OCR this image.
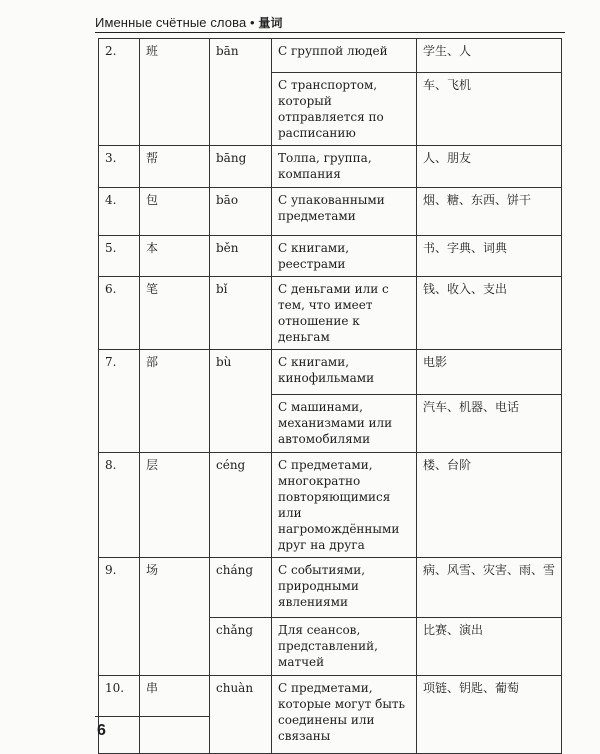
Именные счётные слова • 量词
2.	班	bān	С группой людей	学生、人
			С транспортом, который отправляется по расписанию	车、飞机
3.	帮	bāng	Толпа, группа, компания	人、朋友
4.	包	bāo	С упакованными предметами	烟、糖、东西、饼干
5.	本	běn	С книгами, реестрами	书、字典、词典
6.	笔	bǐ	С деньгами или с тем, что имеет отношение к деньгам	钱、收入、支出
7.	部	bù	С книгами, кинофильмами	电影
			С машинами, механизмами или автомобилями	汽车、机器、电话
8.	层	céng	С предметами, многократно повторяющимися или нагромождёнными друг на друга	楼、台阶
9.	场	cháng	С событиями, природными явлениями	病、风雪、灾害、雨、雪
		chǎng	Для сеансов, представлений, матчей	比赛、演出
10.	串	chuàn	С предметами, которые могут быть соединены или связаны	项链、钥匙、葡萄
6
